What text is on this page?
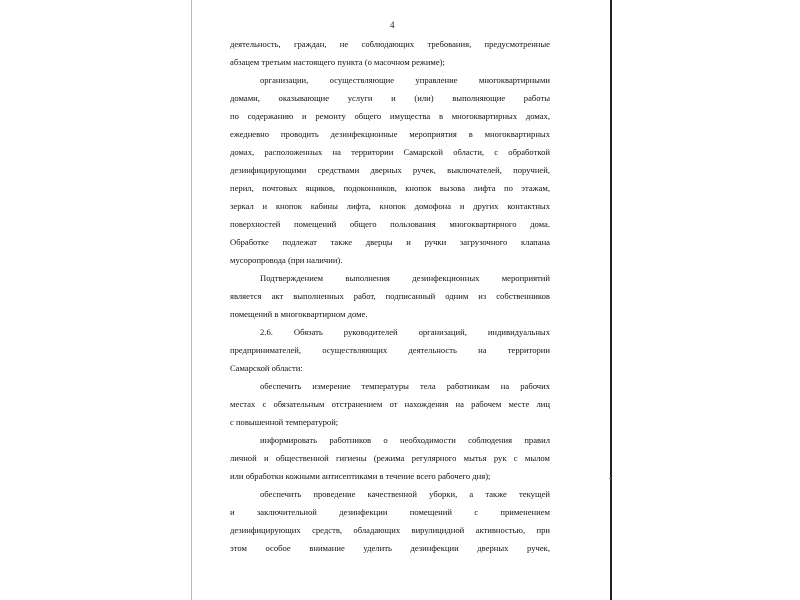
4
деятельность, граждан, не соблюдающих требования, предусмотренные
абзацем третьим настоящего пункта (о масочном режиме);
организации, осуществляющие управление многоквартирными
домами, оказывающие услуги и (или) выполняющие работы
по содержанию и ремонту общего имущества в многоквартирных домах,
ежедневно проводить дезинфекционные мероприятия в многоквартирных
домах, расположенных на территории Самарской области, с обработкой
дезинфицирующими средствами дверных ручек, выключателей, поручней,
перил, почтовых ящиков, подоконников, кнопок вызова лифта по этажам,
зеркал и кнопок кабины лифта, кнопок домофона и других контактных
поверхностей помещений общего пользования многоквартирного дома.
Обработке подлежат также дверцы и ручки загрузочного клапана
мусоропровода (при наличии).
Подтверждением выполнения дезинфекционных мероприятий
является акт выполненных работ, подписанный одним из собственников
помещений в многоквартирном доме.
2.6. Обязать руководителей организаций, индивидуальных
предпринимателей, осуществляющих деятельность на территории
Самарской области:
обеспечить измерение температуры тела работникам на рабочих
местах с обязательным отстранением от нахождения на рабочем месте лиц
с повышенной температурой;
информировать работников о необходимости соблюдения правил
личной и общественной гигиены (режима регулярного мытья рук с мылом
или обработки кожными антисептиками в течение всего рабочего дня);
обеспечить проведение качественной уборки, а также текущей
и заключительной дезинфекции помещений с применением
дезинфицирующих средств, обладающих вирулицидной активностью, при
этом особое внимание уделить дезинфекции дверных ручек,
